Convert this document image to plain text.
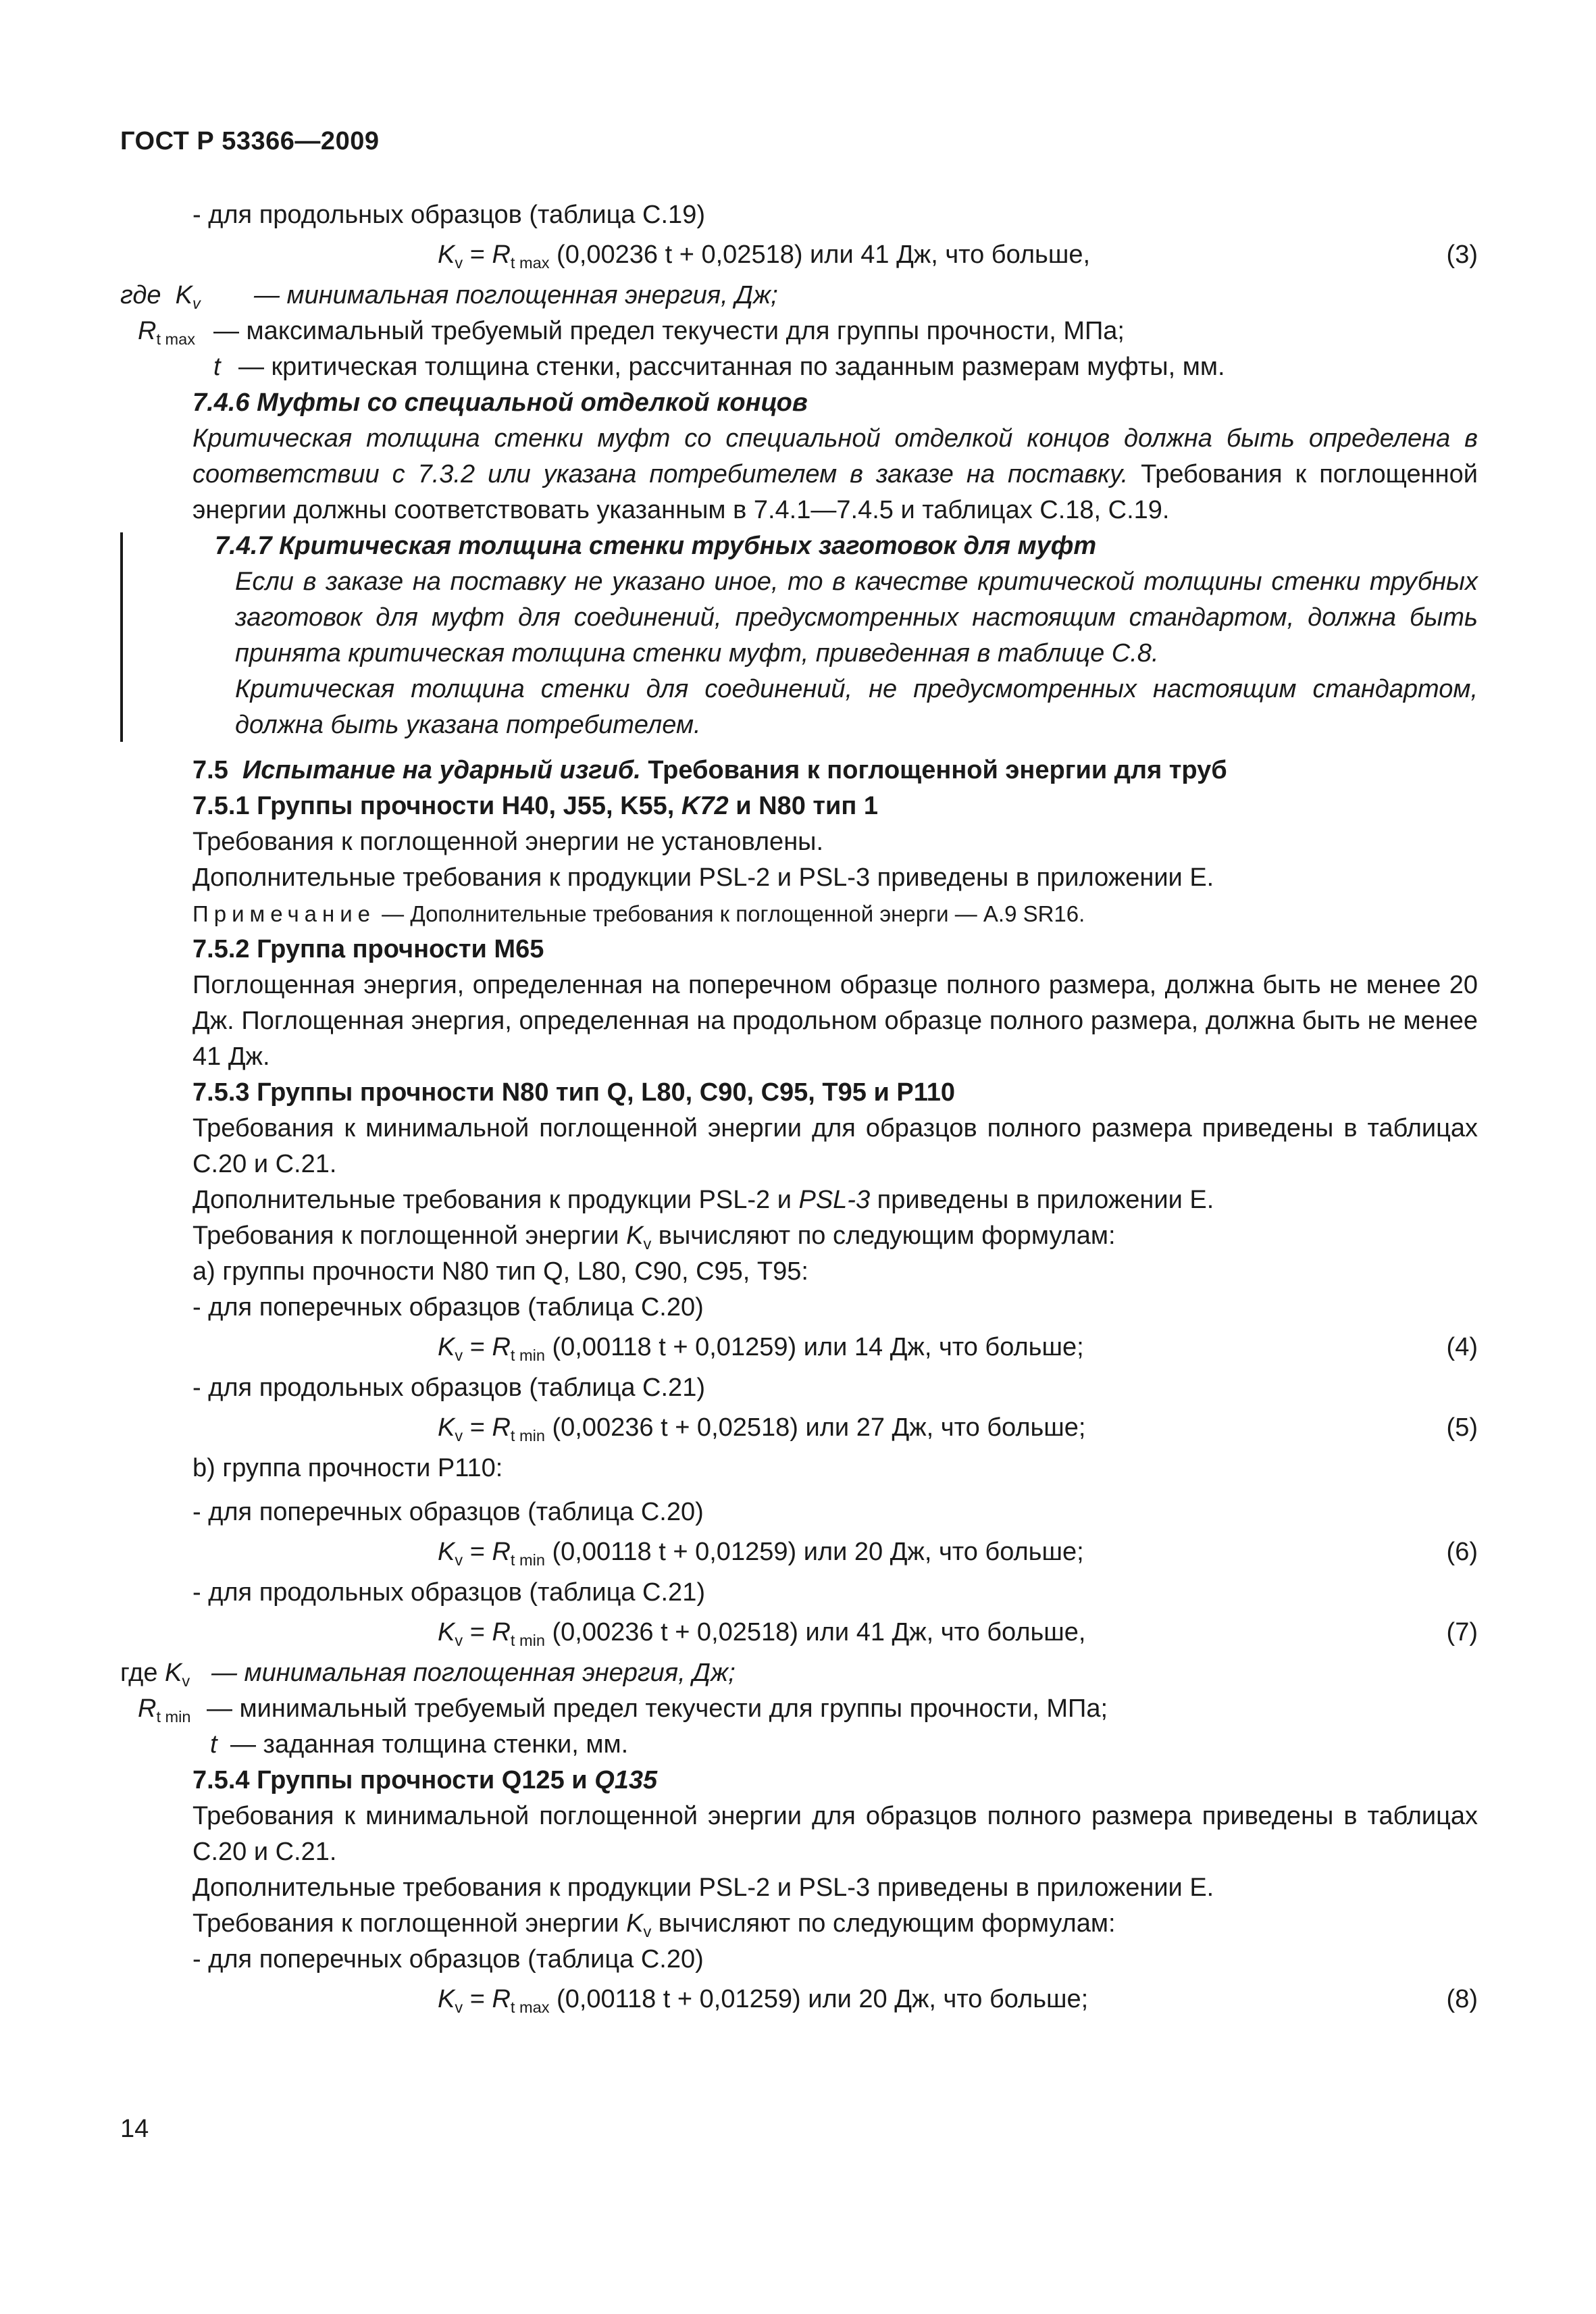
ГОСТ Р 53366—2009

- для продольных образцов (таблица С.19)

$K_v = R_{t max}$ (0,00236 t + 0,02518) или 41 Дж, что больше,	(3)
где $K_v$ — минимальная поглощенная энергия, Дж;
$R_{t max}$ — максимальный требуемый предел текучести для группы прочности, МПа;
t — критическая толщина стенки, рассчитанная по заданным размерам муфты, мм.

7.4.6 Муфты со специальной отделкой концов

Критическая толщина стенки муфт со специальной отделкой концов должна быть определена в соответствии с 7.3.2 или указана потребителем в заказе на поставку. Требования к поглощенной энергии должны соответствовать указанным в 7.4.1—7.4.5 и таблицах С.18, С.19.

7.4.7 Критическая толщина стенки трубных заготовок для муфт

Если в заказе на поставку не указано иное, то в качестве критической толщины стенки трубных заготовок для муфт для соединений, предусмотренных настоящим стандартом, должна быть принята критическая толщина стенки муфт, приведенная в таблице С.8.

Критическая толщина стенки для соединений, не предусмотренных настоящим стандартом, должна быть указана потребителем.

7.5 Испытание на ударный изгиб. Требования к поглощенной энергии для труб

7.5.1 Группы прочности Н40, J55, K55, K72 и N80 тип 1

Требования к поглощенной энергии не установлены.

Дополнительные требования к продукции PSL-2 и PSL-3 приведены в приложении Е.

Примечание — Дополнительные требования к поглощенной энерги — А.9 SR16.

7.5.2 Группа прочности М65

Поглощенная энергия, определенная на поперечном образце полного размера, должна быть не менее 20 Дж. Поглощенная энергия, определенная на продольном образце полного размера, должна быть не менее 41 Дж.

7.5.3 Группы прочности N80 тип Q, L80, С90, С95, Т95 и Р110

Требования к минимальной поглощенной энергии для образцов полного размера приведены в таблицах С.20 и С.21.

Дополнительные требования к продукции PSL-2 и PSL-3 приведены в приложении Е.

Требования к поглощенной энергии $K_v$ вычисляют по следующим формулам:

а) группы прочности N80 тип Q, L80, С90, С95, Т95:

- для поперечных образцов (таблица С.20)

$K_v = R_{t min}$ (0,00118 t + 0,01259) или 14 Дж, что больше;	(4)

- для продольных образцов (таблица С.21)

$K_v = R_{t min}$ (0,00236 t + 0,02518) или 27 Дж, что больше;	(5)

b) группа прочности Р110:

- для поперечных образцов (таблица С.20)

$K_v = R_{t min}$ (0,00118 t + 0,01259) или 20 Дж, что больше;	(6)

- для продольных образцов (таблица С.21)

$K_v = R_{t min}$ (0,00236 t + 0,02518) или 41 Дж, что больше,	(7)
где $K_v$ — минимальная поглощенная энергия, Дж;
$R_{t min}$ — минимальный требуемый предел текучести для группы прочности, МПа;
t — заданная толщина стенки, мм.

7.5.4 Группы прочности Q125 и Q135

Требования к минимальной поглощенной энергии для образцов полного размера приведены в таблицах С.20 и С.21.

Дополнительные требования к продукции PSL-2 и PSL-3 приведены в приложении Е.

Требования к поглощенной энергии $K_v$ вычисляют по следующим формулам:

- для поперечных образцов (таблица С.20)

$K_v = R_{t max}$ (0,00118 t + 0,01259) или 20 Дж, что больше;	(8)
14
